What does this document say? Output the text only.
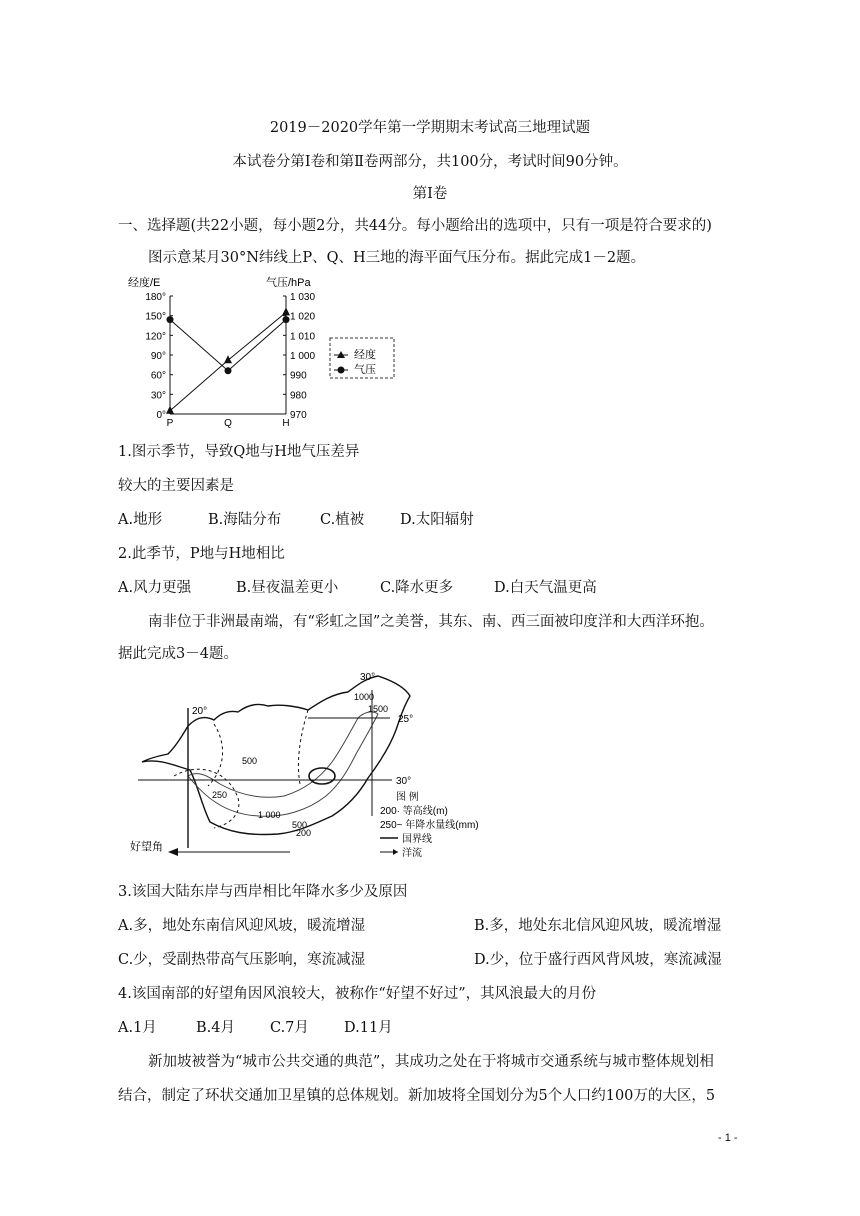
2019－2020学年第一学期期末考试高三地理试题
本试卷分第Ⅰ卷和第Ⅱ卷两部分，共100分，考试时间90分钟。
第Ⅰ卷
一、选择题(共22小题，每小题2分，共44分。每小题给出的选项中，只有一项是符合要求的)
图示意某月30°N纬线上P、Q、H三地的海平面气压分布。据此完成1－2题。
经度/E	气压/hPa
180°
150°
120°
90°
60°
30°
0°
1 030
1 020
1 010
1 000
990
980
970
P	Q	H
经度
气压
1.图示季节，导致Q地与H地气压差异
较大的主要因素是
A.地形	B.海陆分布	C.植被 D.太阳辐射
2.此季节，P地与H地相比
A.风力更强	B.昼夜温差更小	C.降水更多	D.白天气温更高
南非位于非洲最南端，有“彩虹之国”之美誉，其东、南、西三面被印度洋和大西洋环抱。
据此完成3－4题。
20°
30°
25°
30°
1000
1500
500
250
1 000
500
200
好望角
图 例
200· 等高线(m)
250~ 年降水量线(mm)
国界线
洋流
3.该国大陆东岸与西岸相比年降水多少及原因
A.多，地处东南信风迎风坡，暖流增湿	B.多，地处东北信风迎风坡，暖流增湿
C.少，受副热带高气压影响，寒流减湿	D.少，位于盛行西风背风坡，寒流减湿
4.该国南部的好望角因风浪较大，被称作“好望不好过”，其风浪最大的月份
A.1月	B.4月 C.7月 D.11月
新加坡被誉为“城市公共交通的典范”，其成功之处在于将城市交通系统与城市整体规划相
结合，制定了环状交通加卫星镇的总体规划。新加坡将全国划分为5个人口约100万的大区，5
- 1 -
